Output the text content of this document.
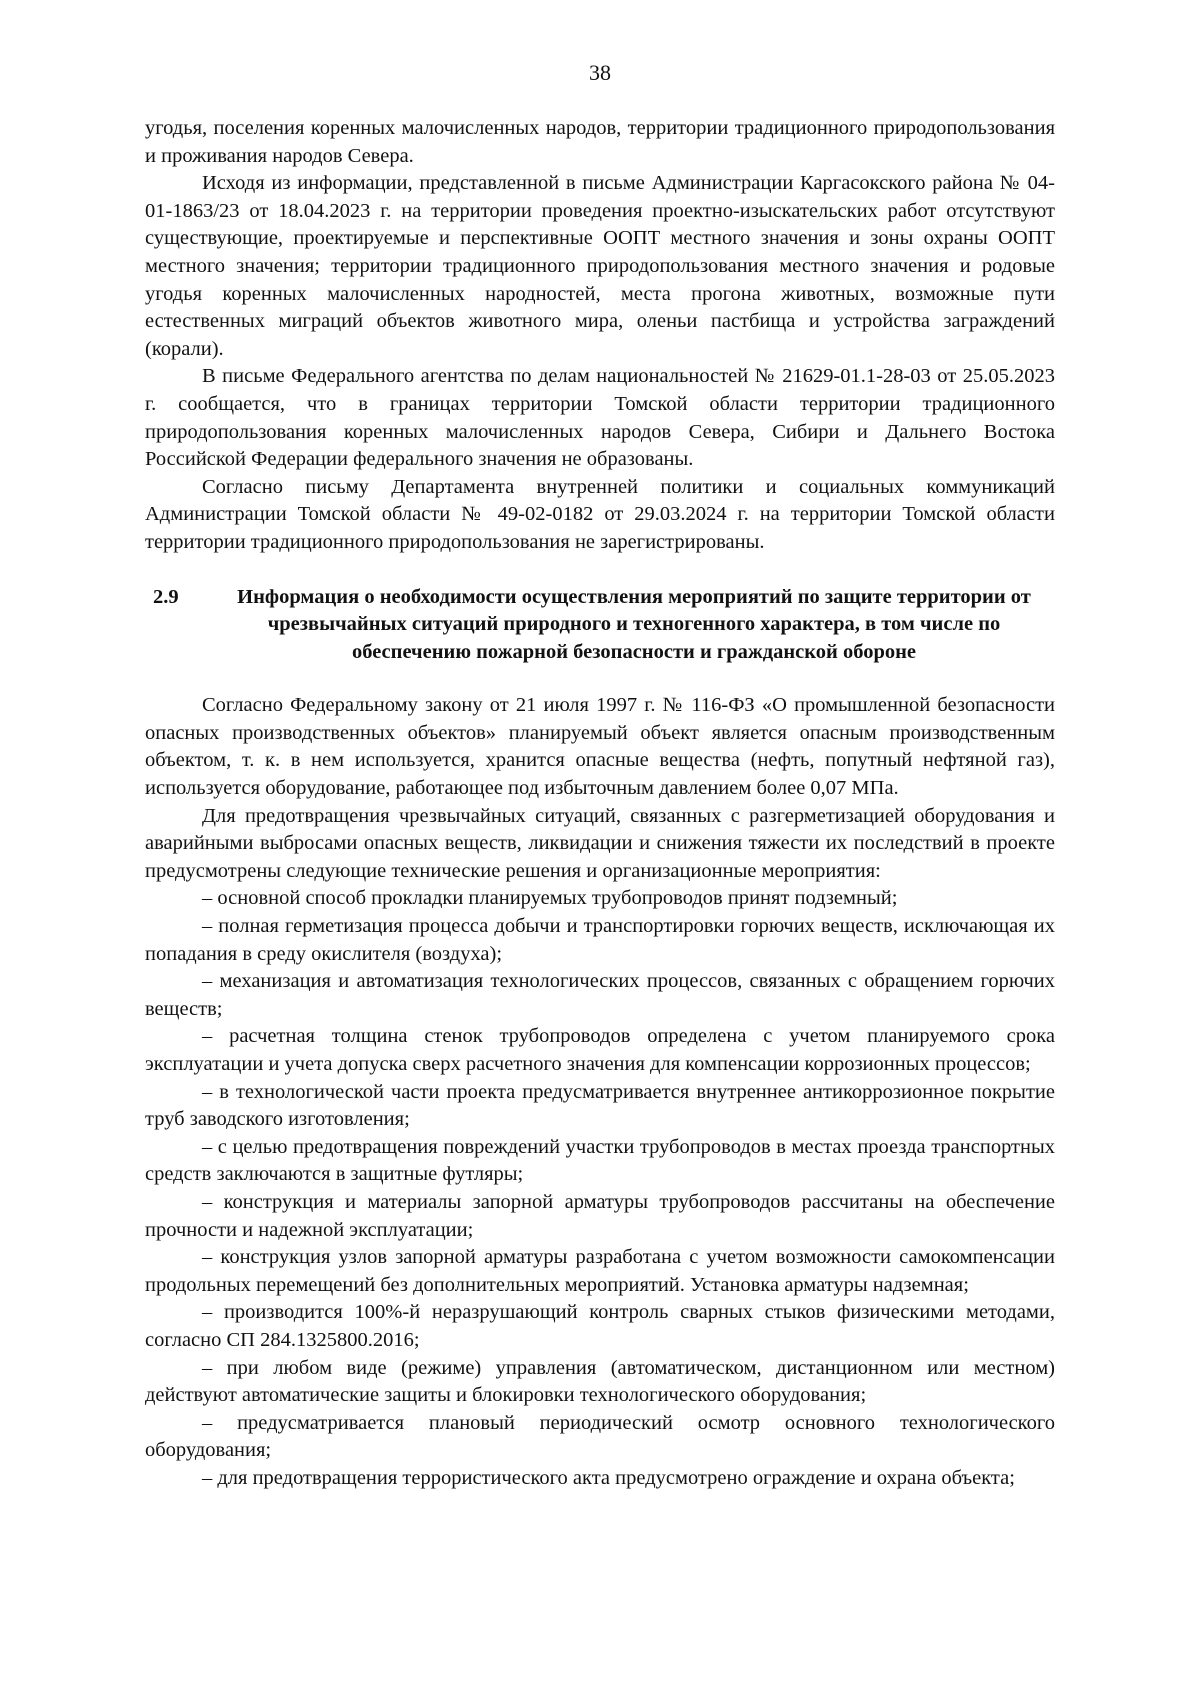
38

угодья, поселения коренных малочисленных народов, территории традиционного природопользования и проживания народов Севера.

Исходя из информации, представленной в письме Администрации Каргасокского района № 04-01-1863/23 от 18.04.2023 г. на территории проведения проектно-изыскательских работ отсутствуют существующие, проектируемые и перспективные ООПТ местного значения и зоны охраны ООПТ местного значения; территории традиционного природопользования местного значения и родовые угодья коренных малочисленных народностей, места прогона животных, возможные пути естественных миграций объектов животного мира, оленьи пастбища и устройства заграждений (корали).

В письме Федерального агентства по делам национальностей № 21629-01.1-28-03 от 25.05.2023 г. сообщается, что в границах территории Томской области территории традиционного природопользования коренных малочисленных народов Севера, Сибири и Дальнего Востока Российской Федерации федерального значения не образованы.

Согласно письму Департамента внутренней политики и социальных коммуникаций Администрации Томской области № 49-02-0182 от 29.03.2024 г. на территории Томской области территории традиционного природопользования не зарегистрированы.

2.9	Информация о необходимости осуществления мероприятий по защите территории от чрезвычайных ситуаций природного и техногенного характера, в том числе по обеспечению пожарной безопасности и гражданской обороне

Согласно Федеральному закону от 21 июля 1997 г. № 116-ФЗ «О промышленной безопасности опасных производственных объектов» планируемый объект является опасным производственным объектом, т. к. в нем используется, хранится опасные вещества (нефть, попутный нефтяной газ), используется оборудование, работающее под избыточным давлением более 0,07 МПа.

Для предотвращения чрезвычайных ситуаций, связанных с разгерметизацией оборудования и аварийными выбросами опасных веществ, ликвидации и снижения тяжести их последствий в проекте предусмотрены следующие технические решения и организационные мероприятия:

– основной способ прокладки планируемых трубопроводов принят подземный;

– полная герметизация процесса добычи и транспортировки горючих веществ, исключающая их попадания в среду окислителя (воздуха);

– механизация и автоматизация технологических процессов, связанных с обращением горючих веществ;

– расчетная толщина стенок трубопроводов определена с учетом планируемого срока эксплуатации и учета допуска сверх расчетного значения для компенсации коррозионных процессов;

– в технологической части проекта предусматривается внутреннее антикоррозионное покрытие труб заводского изготовления;

– с целью предотвращения повреждений участки трубопроводов в местах проезда транспортных средств заключаются в защитные футляры;

– конструкция и материалы запорной арматуры трубопроводов рассчитаны на обеспечение прочности и надежной эксплуатации;

– конструкция узлов запорной арматуры разработана с учетом возможности самокомпенсации продольных перемещений без дополнительных мероприятий. Установка арматуры надземная;

– производится 100%-й неразрушающий контроль сварных стыков физическими методами, согласно СП 284.1325800.2016;

– при любом виде (режиме) управления (автоматическом, дистанционном или местном) действуют автоматические защиты и блокировки технологического оборудования;

– предусматривается плановый периодический осмотр основного технологического оборудования;

– для предотвращения террористического акта предусмотрено ограждение и охрана объекта;
